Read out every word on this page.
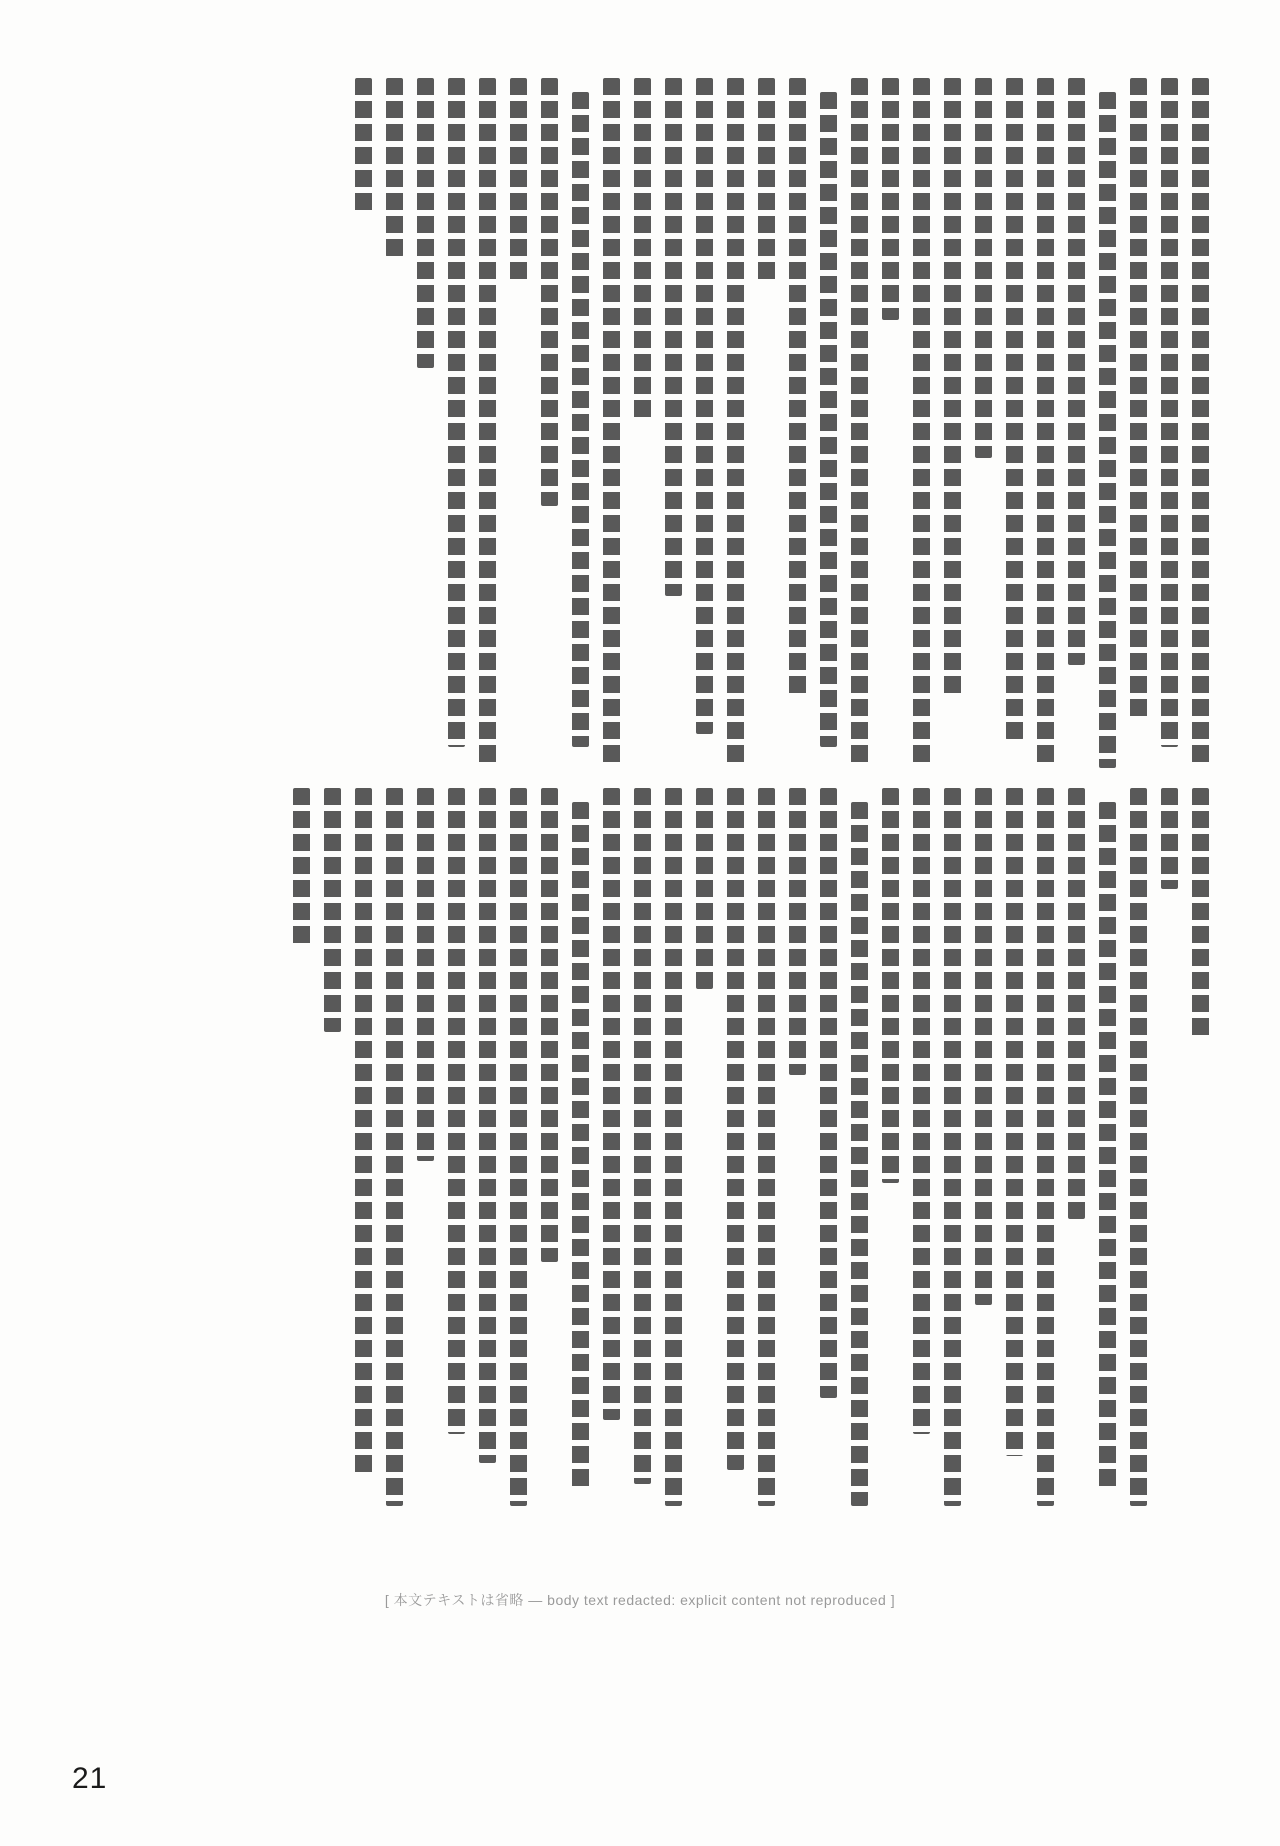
[ 本文テキストは省略 — body text redacted: explicit content not reproduced ]
21
